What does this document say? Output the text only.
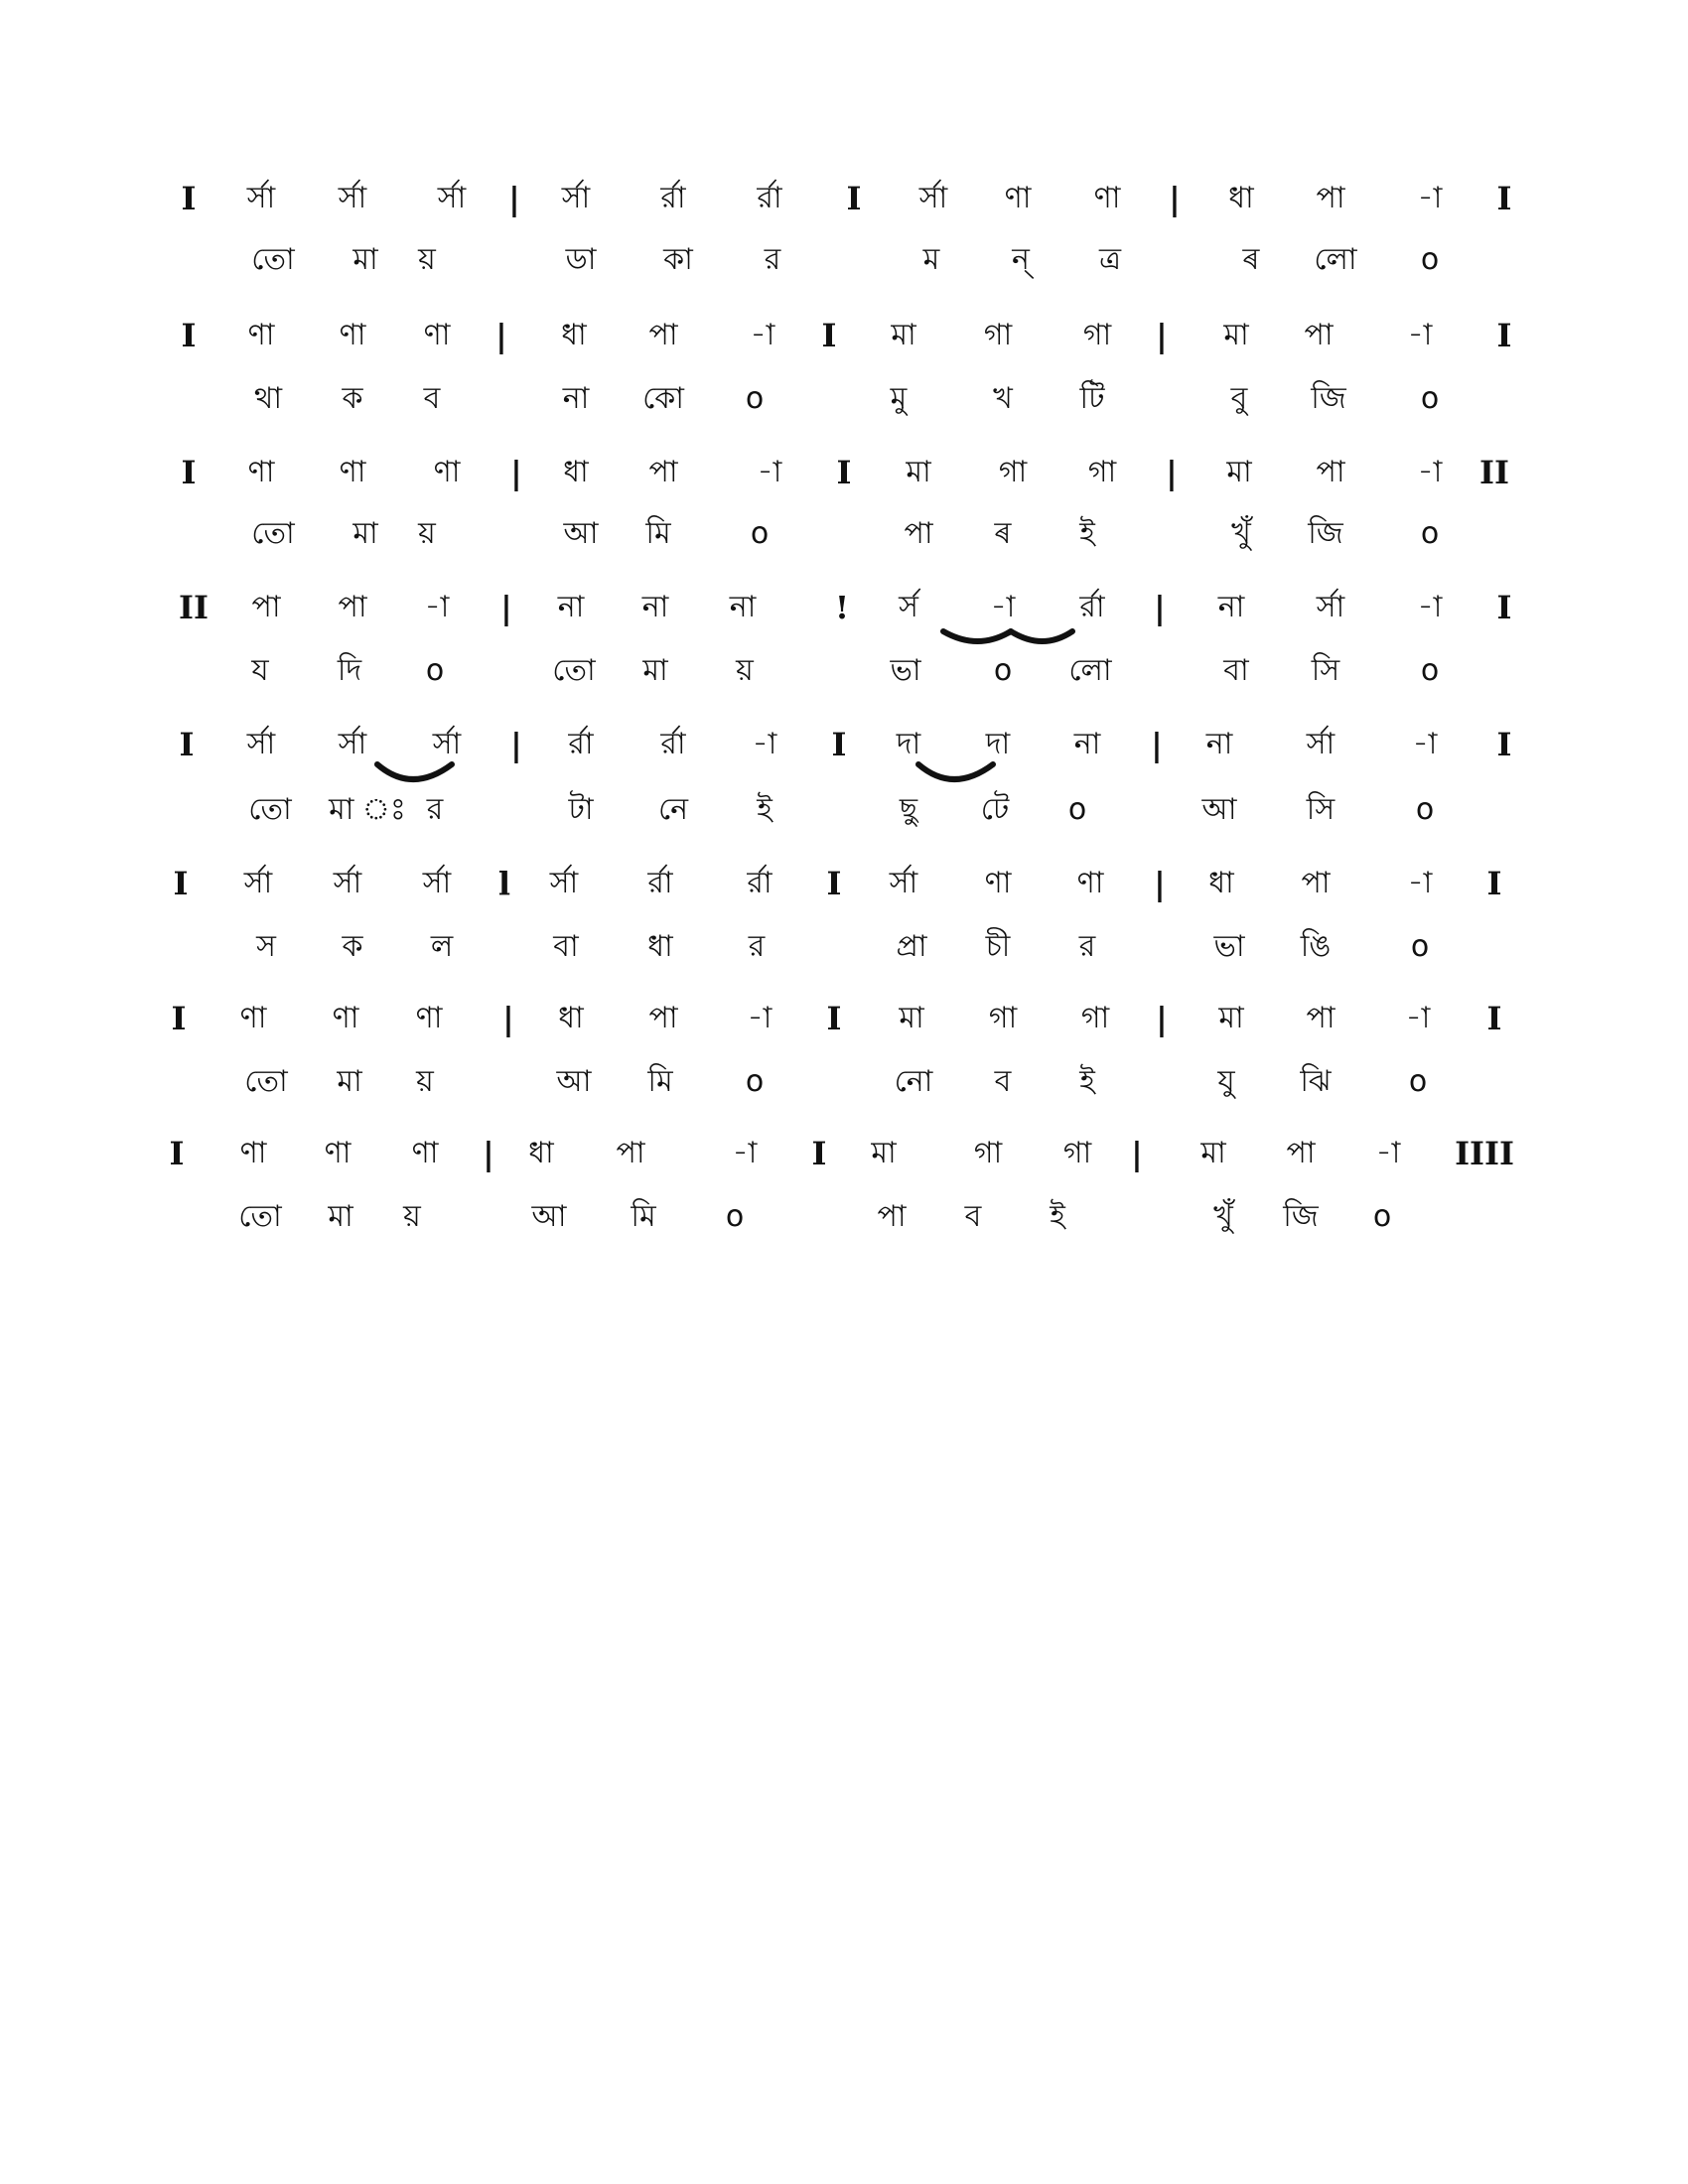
I	র্সা	র্সা	র্সা	|	র্সা	র্রা	র্রা	I	র্সা	ণা	ণা	|	ধা	পা	-া	I
তো	মা	য়	ডা	কা	র	ম	ন্	ত্র	ৰ	লো	ο
I	ণা	ণা	ণা	|	ধা	পা	-া	I	মা	গা	গা	|	মা	পা	-া	I
থা	ক	ব	না	কো	ο	মু	খ	টি	বু	জি	ο
I	ণা	ণা	ণা	|	ধা	পা	-া	I	মা	গা	গা	|	মা	পা	-া	II
তো	মা	য়	আ	মি	ο	পা	ৰ	ই	খুঁ	জি	ο
II	পা	পা	-া	|	না	না	না	!	র্স	-া	র্রা	|	না	র্সা	-া	I
য	দি	ο	তো	মা	য়	ভা	ο	লো	বা	সি	ο
I	র্সা	র্সা	র্সা	|	র্রা	র্রা	-া	I	দা	দা	না	|	না	র্সা	-া	I
তো	মা ঃ র	টা	নে	ই	ছু	টে	ο	আ	সি	ο
I	র্সা	র্সা	র্সা	l	র্সা	র্রা	র্রা	I	র্সা	ণা	ণা	|	ধা	পা	-া	I
স	ক	ল	বা	ধা	র	প্রা	চী	র	ভা	ঙি	ο
I	ণা	ণা	ণা	|	ধা	পা	-া	I	মা	গা	গা	|	মা	পা	-া	I
তো	মা	য়	আ	মি	ο	নো	ব	ই	যু	ঝি	ο
I	ণা	ণা	ণা	|	ধা	পা	-া	I	মা	গা	গা	|	মা	পা	-া	IIII
তো	মা	য়	আ	মি	ο	পা	ব	ই	খুঁ	জি	ο
